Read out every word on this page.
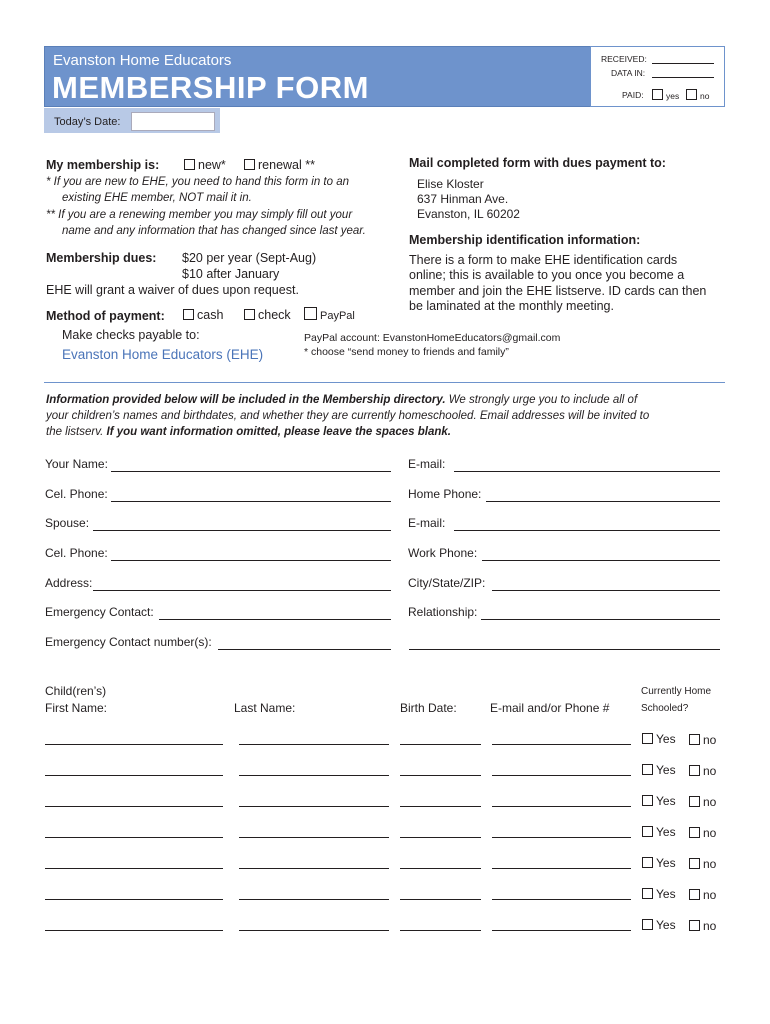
Evanston Home Educators
MEMBERSHIP FORM
RECEIVED:
DATA IN:
PAID:	yes	no
Today’s Date:
My membership is:	new*	renewal **
* If you are new to EHE, you need to hand this form in to an
existing EHE member, NOT mail it in.
** If you are a renewing member you may simply fill out your
name and any information that has changed since last year.
Membership dues: $20 per year (Sept-Aug)
$10 after January
EHE will grant a waiver of dues upon request.
Method of payment:	cash	check	PayPal
Make checks payable to:
Evanston Home Educators (EHE)
Mail completed form with dues payment to:
Elise Kloster
637 Hinman Ave.
Evanston, IL 60202
Membership identification information:
There is a form to make EHE identification cards
online; this is available to you once you become a
member and join the EHE listserve. ID cards can then
be laminated at the monthly meeting.
PayPal account: EvanstonHomeEducators@gmail.com
* choose “send money to friends and family”
Information provided below will be included in the Membership directory. We strongly urge you to include all of
your children’s names and birthdates, and whether they are currently homeschooled. Email addresses will be invited to
the listserv. If you want information omitted, please leave the spaces blank.
Your Name:	E-mail:
Cel. Phone:	Home Phone:
Spouse:	E-mail:
Cel. Phone:	Work Phone:
Address:	City/State/ZIP:
Emergency Contact:	Relationship:
Emergency Contact number(s):
Child(ren’s)
First Name:	Last Name:	Birth Date:	E-mail and/or Phone #
Currently Home
Schooled?
Yes	no
Yes	no
Yes	no
Yes	no
Yes	no
Yes	no
Yes	no
